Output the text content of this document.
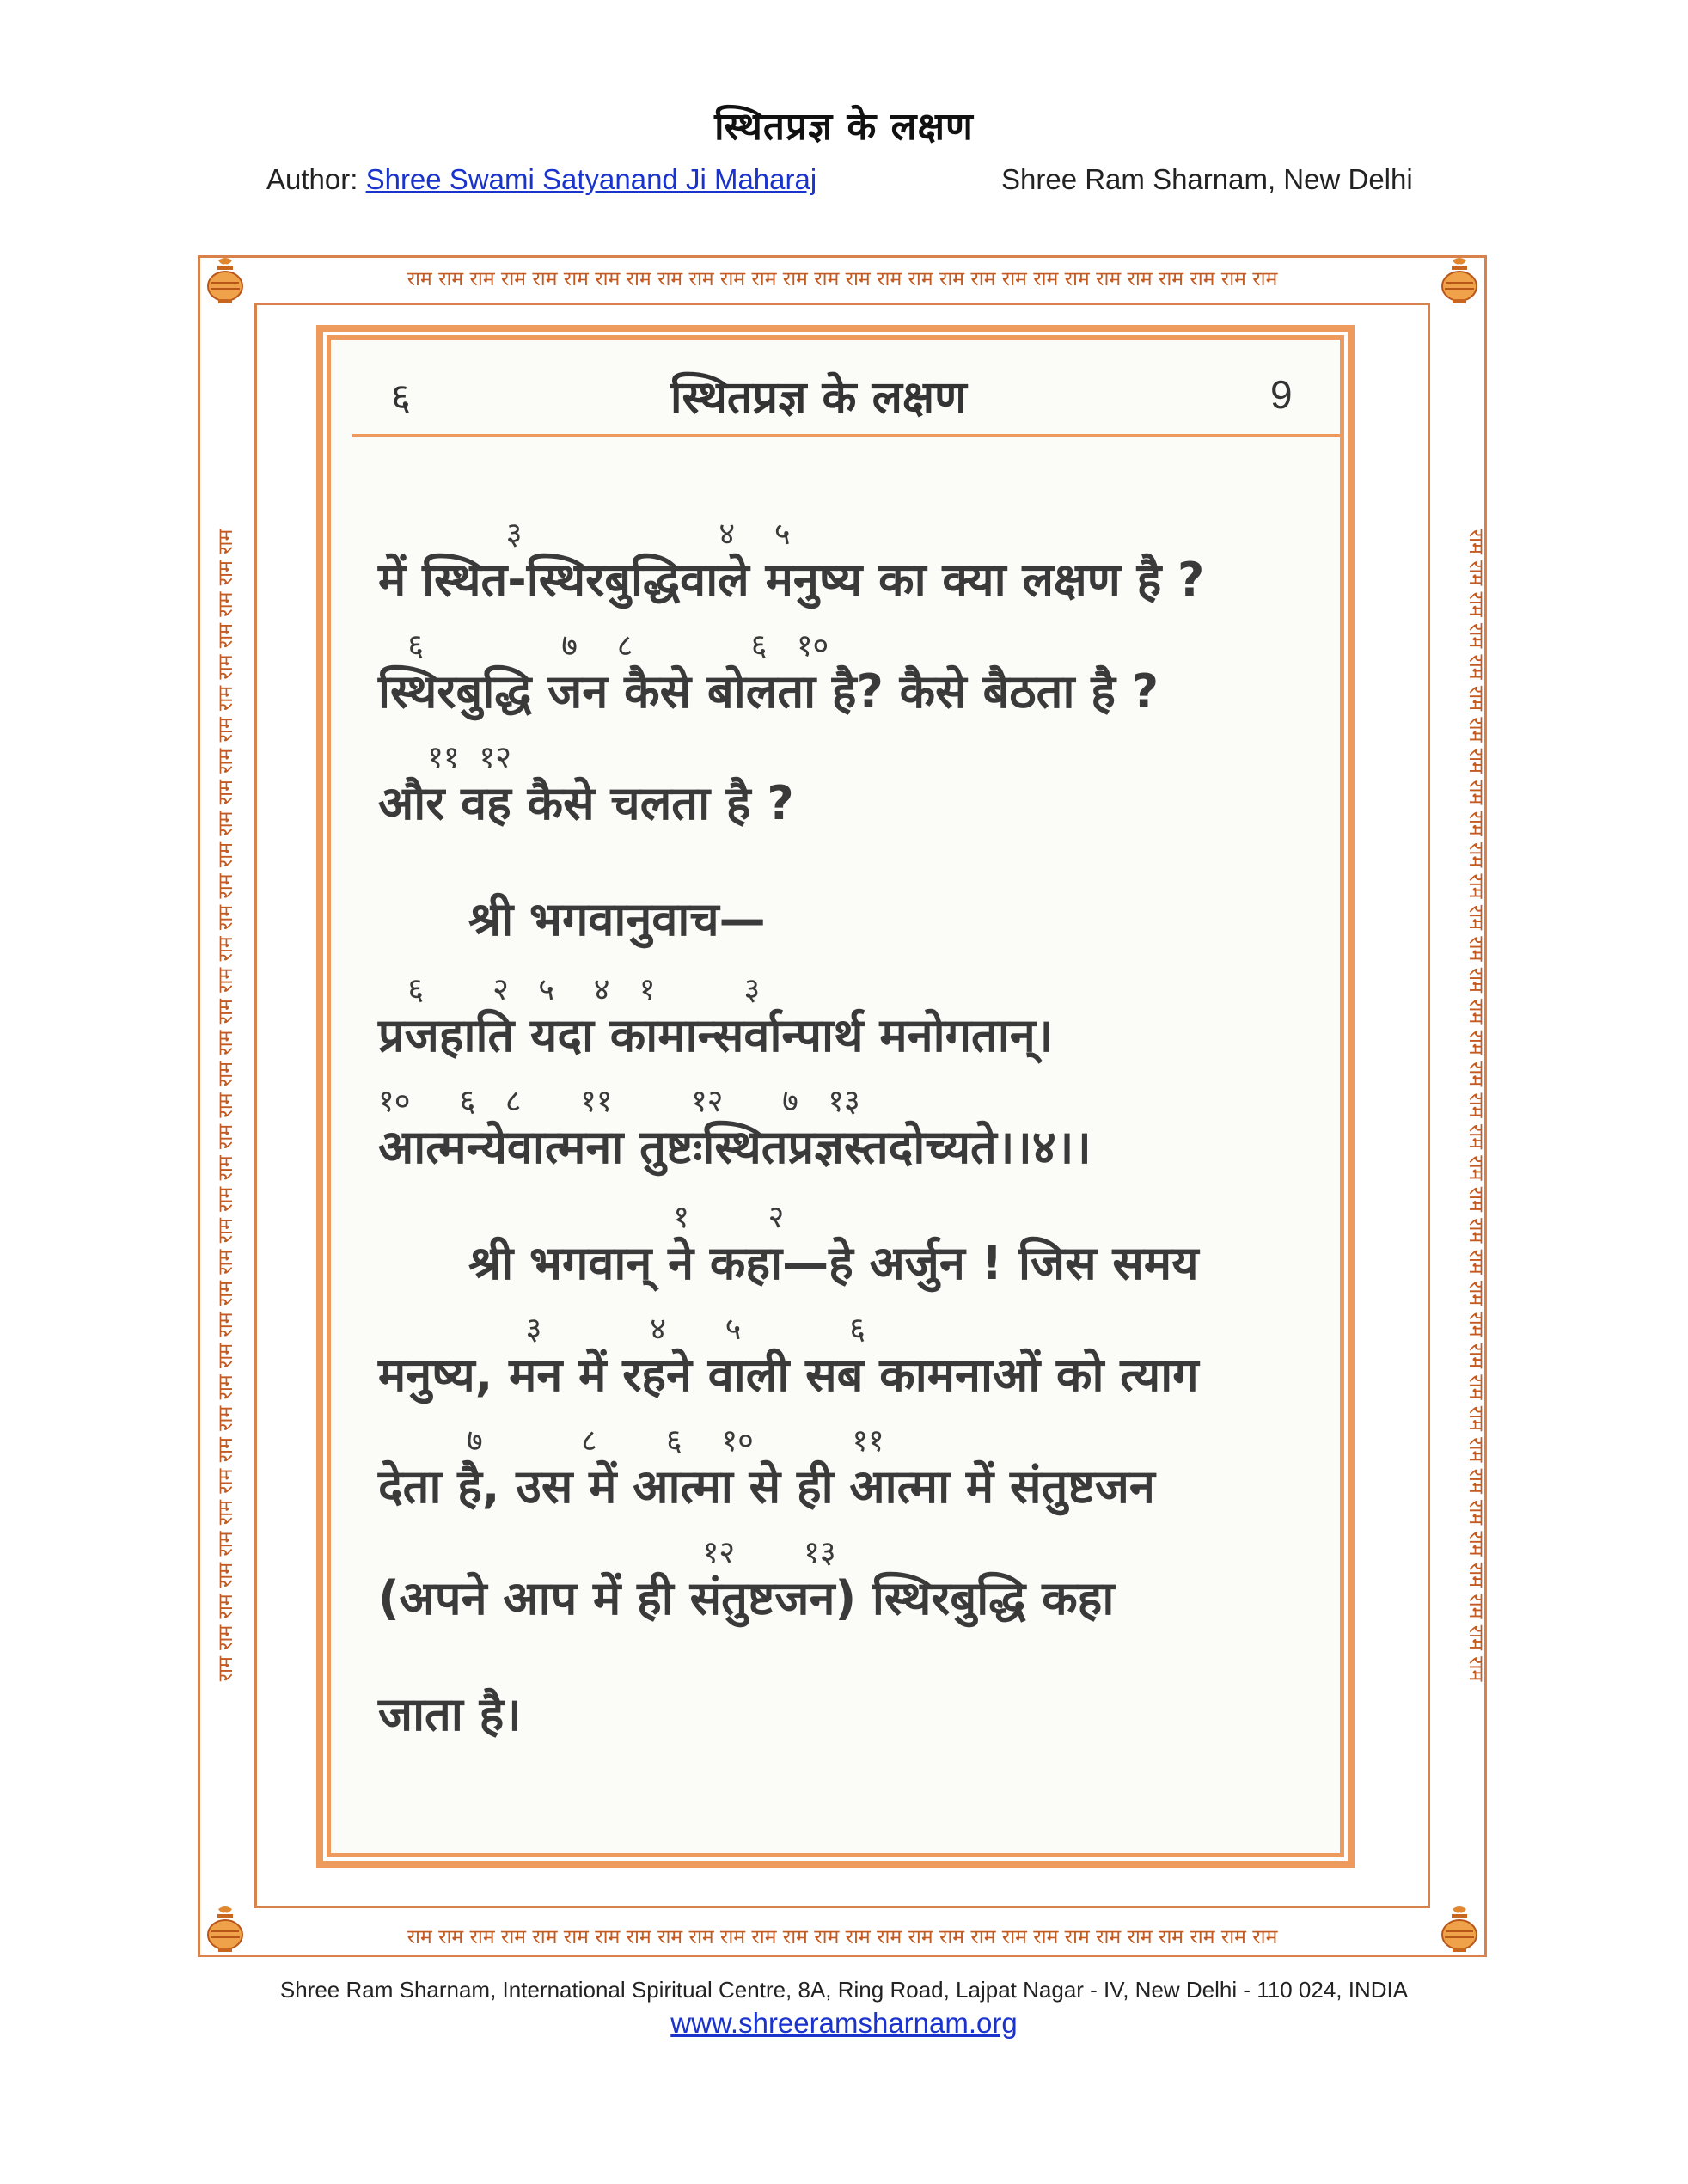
स्थितप्रज्ञ के लक्षण
Author: Shree Swami Satyanand Ji Maharaj	Shree Ram Sharnam, New Delhi
राम राम राम राम राम राम राम राम राम राम राम राम राम राम राम राम राम राम राम राम राम राम राम राम राम राम राम राम
राम राम राम राम राम राम राम राम राम राम राम राम राम राम राम राम राम राम राम राम राम राम राम राम राम राम राम राम
राम राम राम राम राम राम राम राम राम राम राम राम राम राम राम राम राम राम राम राम राम राम राम राम राम राम राम राम राम राम राम राम राम राम राम राम राम	राम राम राम राम राम राम राम राम राम राम राम राम राम राम राम राम राम राम राम राम राम राम राम राम राम राम राम राम राम राम राम राम राम राम राम राम राम
६	स्थितप्रज्ञ के लक्षण	9
३                    ४    ५
में स्थित-स्थिरबुद्धिवाले मनुष्य का क्या लक्षण है ?
६              ७    ८            ६   १०
स्थिरबुद्धि जन कैसे बोलता है? कैसे बैठता है ?
११  १२
और वह कैसे चलता है ?
श्री भगवानुवाच—
६       २   ५    ४   १         ३
प्रजहाति यदा कामान्सर्वान्पार्थ मनोगतान्।
१०     ६   ८      ११        १२      ७   १३
आत्मन्येवात्मना तुष्टःस्थितप्रज्ञस्तदोच्यते।।४।।
१        २
श्री भगवान् ने कहा—हे अर्जुन ! जिस समय
३           ४      ५           ६
मनुष्य, मन में रहने वाली सब कामनाओं को त्याग
७          ८       ६    १०          ११
देता है, उस में आत्मा से ही आत्मा में संतुष्टजन
१२       १३
(अपने आप में ही संतुष्टजन) स्थिरबुद्धि कहा
जाता है।
Shree Ram Sharnam, International Spiritual Centre, 8A, Ring Road, Lajpat Nagar - IV, New Delhi - 110 024, INDIA
www.shreeramsharnam.org
